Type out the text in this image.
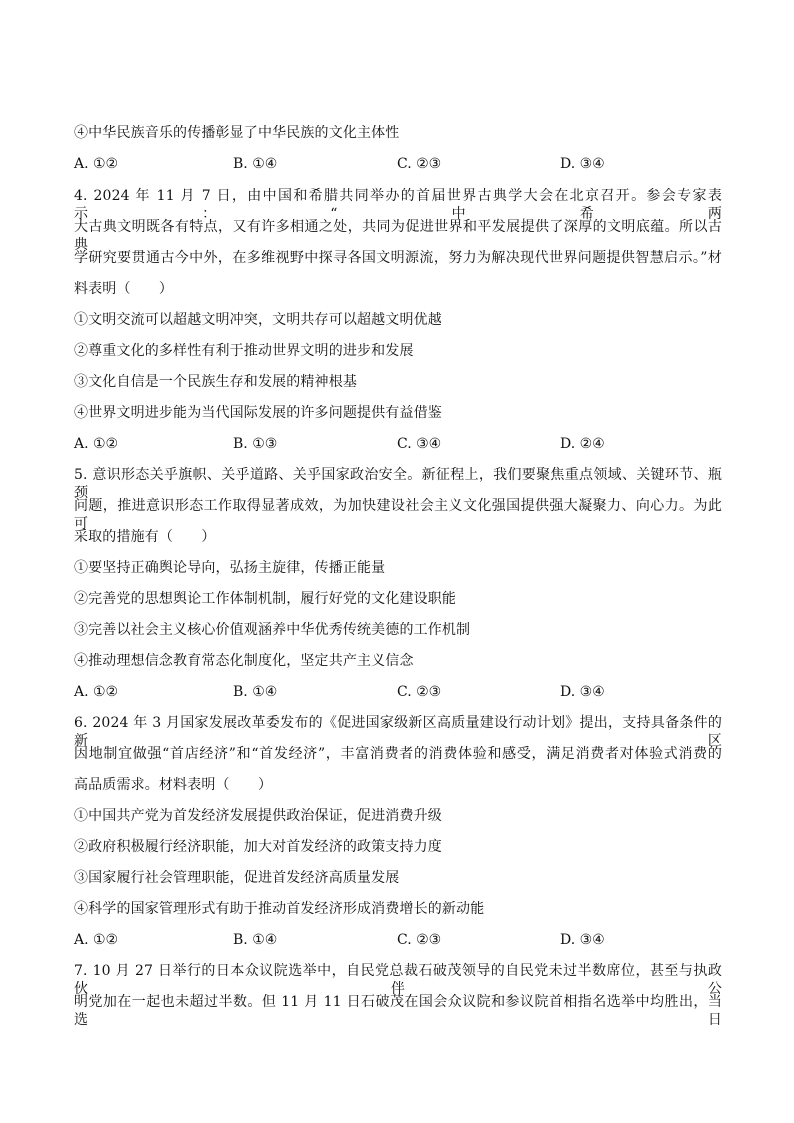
④中华民族音乐的传播彰显了中华民族的文化主体性
A. ①②	B. ①④	C. ②③	D. ③④
4. 2024 年 11 月 7 日，由中国和希腊共同举办的首届世界古典学大会在北京召开。参会专家表示：“中希两
大古典文明既各有特点，又有许多相通之处，共同为促进世界和平发展提供了深厚的文明底蕴。所以古典
学研究要贯通古今中外，在多维视野中探寻各国文明源流，努力为解决现代世界问题提供智慧启示。”材
料表明（　　）
①文明交流可以超越文明冲突，文明共存可以超越文明优越
②尊重文化的多样性有利于推动世界文明的进步和发展
③文化自信是一个民族生存和发展的精神根基
④世界文明进步能为当代国际发展的许多问题提供有益借鉴
A. ①②	B. ①③	C. ③④	D. ②④
5. 意识形态关乎旗帜、关乎道路、关乎国家政治安全。新征程上，我们要聚焦重点领域、关键环节、瓶颈
问题，推进意识形态工作取得显著成效，为加快建设社会主义文化强国提供强大凝聚力、向心力。为此可
采取的措施有（　　）
①要坚持正确舆论导向，弘扬主旋律，传播正能量
②完善党的思想舆论工作体制机制，履行好党的文化建设职能
③完善以社会主义核心价值观涵养中华优秀传统美德的工作机制
④推动理想信念教育常态化制度化，坚定共产主义信念
A. ①②	B. ①④	C. ②③	D. ③④
6. 2024 年 3 月国家发展改革委发布的《促进国家级新区高质量建设行动计划》提出，支持具备条件的新区
因地制宜做强“首店经济”和“首发经济”，丰富消费者的消费体验和感受，满足消费者对体验式消费的
高品质需求。材料表明（　　）
①中国共产党为首发经济发展提供政治保证，促进消费升级
②政府积极履行经济职能，加大对首发经济的政策支持力度
③国家履行社会管理职能，促进首发经济高质量发展
④科学的国家管理形式有助于推动首发经济形成消费增长的新动能
A. ①②	B. ①④	C. ②③	D. ③④
7. 10 月 27 日举行的日本众议院选举中，自民党总裁石破茂领导的自民党未过半数席位，甚至与执政伙伴公
明党加在一起也未超过半数。但 11 月 11 日石破茂在国会众议院和参议院首相指名选举中均胜出，当选日
